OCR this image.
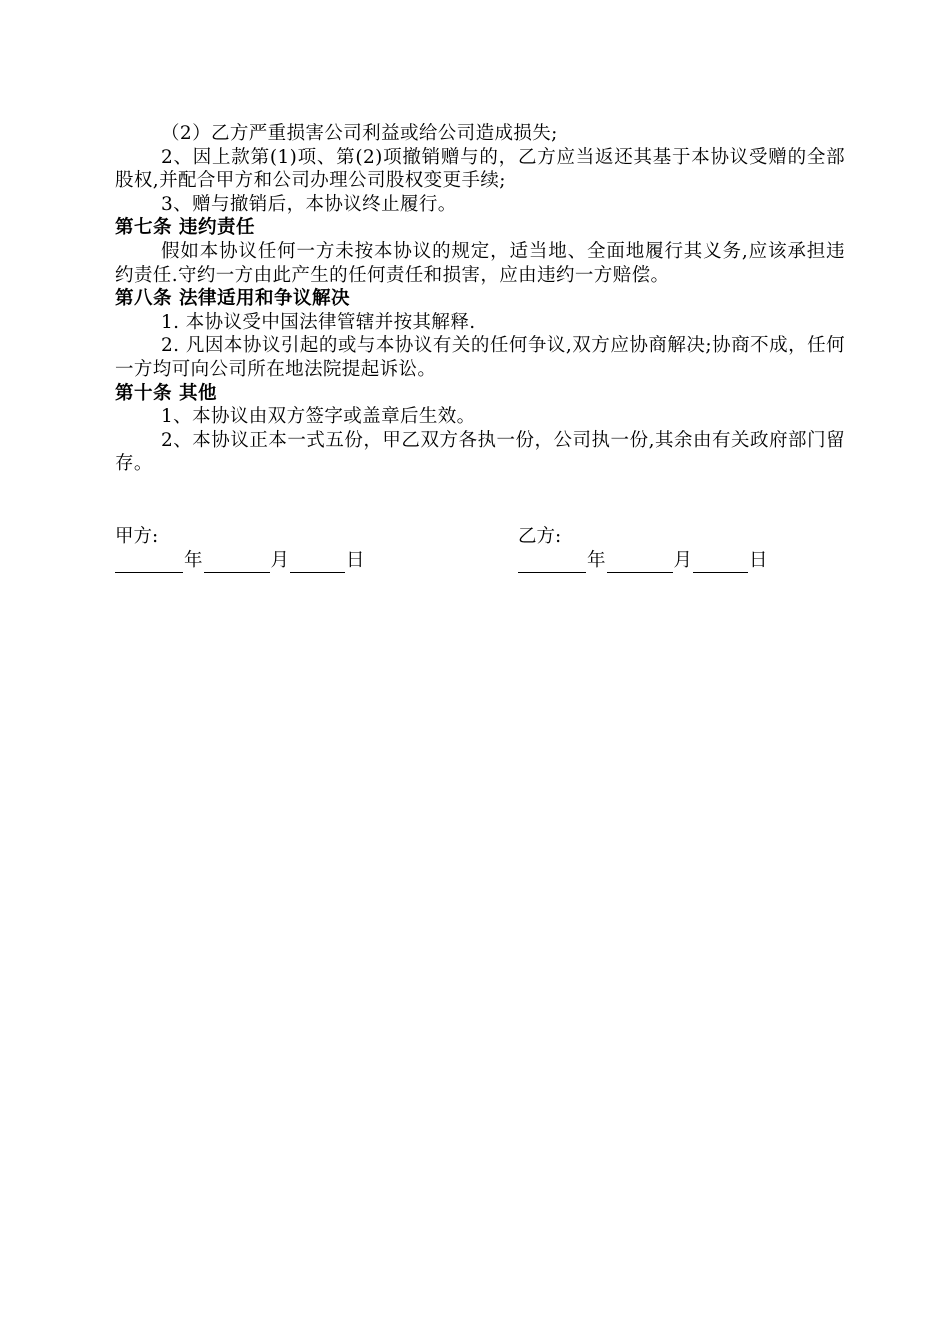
（2）乙方严重损害公司利益或给公司造成损失;

2、因上款第(1)项、第(2)项撤销赠与的，乙方应当返还其基于本协议受赠的全部股权,并配合甲方和公司办理公司股权变更手续;

3、赠与撤销后，本协议终止履行。

第七条 违约责任

假如本协议任何一方未按本协议的规定，适当地、全面地履行其义务,应该承担违约责任.守约一方由此产生的任何责任和损害，应由违约一方赔偿。

第八条 法律适用和争议解决

1. 本协议受中国法律管辖并按其解释.

2. 凡因本协议引起的或与本协议有关的任何争议,双方应协商解决;协商不成，任何一方均可向公司所在地法院提起诉讼。

第十条 其他

1、本协议由双方签字或盖章后生效。

2、本协议正本一式五份，甲乙双方各执一份，公司执一份,其余由有关政府部门留存。

甲方:
年	月	日
乙方:
年	月	日
